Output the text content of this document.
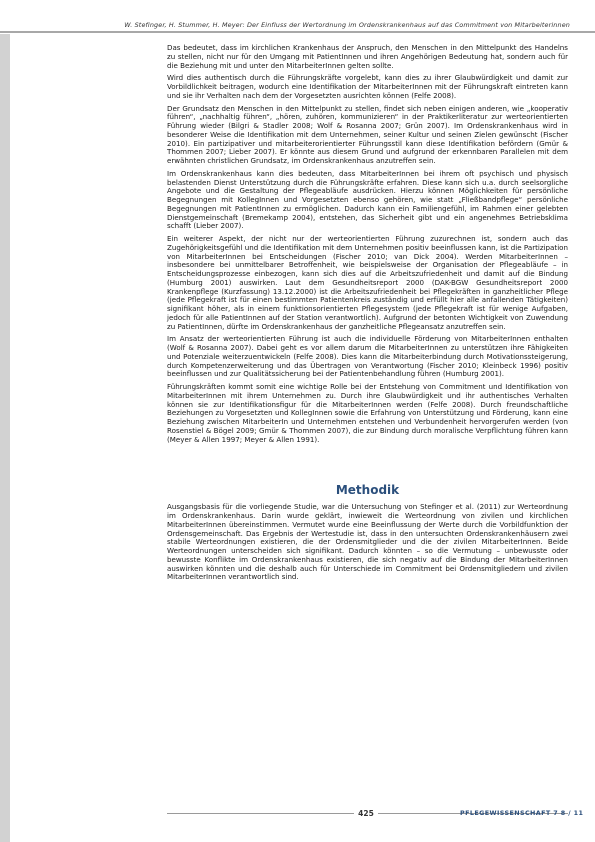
W. Stefinger, H. Stummer, H. Meyer: Der Einfluss der Wertordnung im Ordenskrankenhaus auf das Commitment von Mitarbeiterinnen

Das bedeutet, dass im kirchlichen Krankenhaus der Anspruch, den Menschen in den Mittelpunkt des Handelns zu stellen, nicht nur für den Umgang mit PatientInnen und ihren Angehörigen Bedeutung hat, sondern auch für die Beziehung mit und unter den MitarbeiterInnen gelten sollte.

Wird dies authentisch durch die Führungskräfte vorgelebt, kann dies zu ihrer Glaubwürdigkeit und damit zur Vorbildlichkeit beitragen, wodurch eine Identifikation der MitarbeiterInnen mit der Führungskraft eintreten kann und sie ihr Verhalten nach dem der Vorgesetzten ausrichten können (Felfe 2008).

Der Grundsatz den Menschen in den Mittelpunkt zu stellen, findet sich neben einigen anderen, wie „kooperativ führen“, „nachhaltig führen“, „hören, zuhören, kommunizieren“ in der Praktikerliteratur zur werteorientierten Führung wieder (Bilgri & Stadler 2008; Wolf & Rosanna 2007; Grün 2007). Im Ordenskrankenhaus wird in besonderer Weise die Identifikation mit dem Unternehmen, seiner Kultur und seinen Zielen gewünscht (Fischer 2010). Ein partizipativer und mitarbeiterorientierter Führungsstil kann diese Identifikation befördern (Gmür & Thommen 2007; Lieber 2007). Er könnte aus diesem Grund und aufgrund der erkennbaren Parallelen mit dem erwähnten christlichen Grundsatz, im Ordenskrankenhaus anzutreffen sein.

Im Ordenskrankenhaus kann dies bedeuten, dass MitarbeiterInnen bei ihrem oft psychisch und physisch belastenden Dienst Unterstützung durch die Führungskräfte erfahren. Diese kann sich u.a. durch seelsorgliche Angebote und die Gestaltung der Pflegeabläufe ausdrücken. Hierzu können Möglichkeiten für persönliche Begegnungen mit KollegInnen und Vorgesetzten ebenso gehören, wie statt „Fließbandpflege“ persönliche Begegnungen mit PatientInnen zu ermöglichen. Dadurch kann ein Familiengefühl, im Rahmen einer gelebten Dienstgemeinschaft (Bremekamp 2004), entstehen, das Sicherheit gibt und ein angenehmes Betriebsklima schafft (Lieber 2007).

Ein weiterer Aspekt, der nicht nur der werteorientierten Führung zuzurechnen ist, sondern auch das Zugehörigkeitsgefühl und die Identifikation mit dem Unternehmen positiv beeinflussen kann, ist die Partizipation von MitarbeiterInnen bei Entscheidungen (Fischer 2010; van Dick 2004). Werden MitarbeiterInnen – insbesondere bei unmittelbarer Betroffenheit, wie beispielsweise der Organisation der Pflegeabläufe – in Entscheidungsprozesse einbezogen, kann sich dies auf die Arbeitszufriedenheit und damit auf die Bindung (Humburg 2001) auswirken. Laut dem Gesundheitsreport 2000 (DAK-BGW Gesundheitsreport 2000 Krankenpflege (Kurzfassung) 13.12.2000) ist die Arbeitszufriedenheit bei Pflegekräften in ganzheitlicher Pflege (jede Pflegekraft ist für einen bestimmten Patientenkreis zuständig und erfüllt hier alle anfallenden Tätigkeiten) signifikant höher, als in einem funktionsorientierten Pflegesystem (jede Pflegekraft ist für wenige Aufgaben, jedoch für alle PatientInnen auf der Station verantwortlich). Aufgrund der betonten Wichtigkeit von Zuwendung zu PatientInnen, dürfte im Ordenskrankenhaus der ganzheitliche Pflegeansatz anzutreffen sein.

Im Ansatz der werteorientierten Führung ist auch die individuelle Förderung von MitarbeiterInnen enthalten (Wolf & Rosanna 2007). Dabei geht es vor allem darum die MitarbeiterInnen zu unterstützen ihre Fähigkeiten und Potenziale weiterzuentwickeln (Felfe 2008). Dies kann die Mitarbeiterbindung durch Motivationssteigerung, durch Kompetenzerweiterung und das Übertragen von Verantwortung (Fischer 2010; Kleinbeck 1996) positiv beeinflussen und zur Qualitätssicherung bei der Patientenbehandlung führen (Humburg 2001).

Führungskräften kommt somit eine wichtige Rolle bei der Entstehung von Commitment und Identifikation von MitarbeiterInnen mit ihrem Unternehmen zu. Durch ihre Glaubwürdigkeit und ihr authentisches Verhalten können sie zur Identifikationsfigur für die MitarbeiterInnen werden (Felfe 2008). Durch freundschaftliche Beziehungen zu Vorgesetzten und KollegInnen sowie die Erfahrung von Unterstützung und Förderung, kann eine Beziehung zwischen MitarbeiterIn und Unternehmen entstehen und Verbundenheit hervorgerufen werden (von Rosenstiel & Bögel 2009; Gmür & Thommen 2007), die zur Bindung durch moralische Verpflichtung führen kann (Meyer & Allen 1997; Meyer & Allen 1991).

Methodik

Ausgangsbasis für die vorliegende Studie, war die Untersuchung von Stefinger et al. (2011) zur Werteordnung im Ordenskrankenhaus. Darin wurde geklärt, inwieweit die Werteordnung von zivilen und kirchlichen MitarbeiterInnen übereinstimmen. Vermutet wurde eine Beeinflussung der Werte durch die Vorbildfunktion der Ordensgemeinschaft. Das Ergebnis der Wertestudie ist, dass in den untersuchten Ordenskrankenhäusern zwei stabile Werteordnungen existieren, die der Ordensmitglieder und die der zivilen MitarbeiterInnen. Beide Werteordnungen unterscheiden sich signifikant. Dadurch könnten – so die Vermutung – unbewusste oder bewusste Konflikte im Ordenskrankenhaus existieren, die sich negativ auf die Bindung der MitarbeiterInnen auswirken könnten und die deshalb auch für Unterschiede im Commitment bei Ordensmitgliedern und zivilen MitarbeiterInnen verantwortlich sind.

425	PFLEGEWISSENSCHAFT 7 8 / 11
